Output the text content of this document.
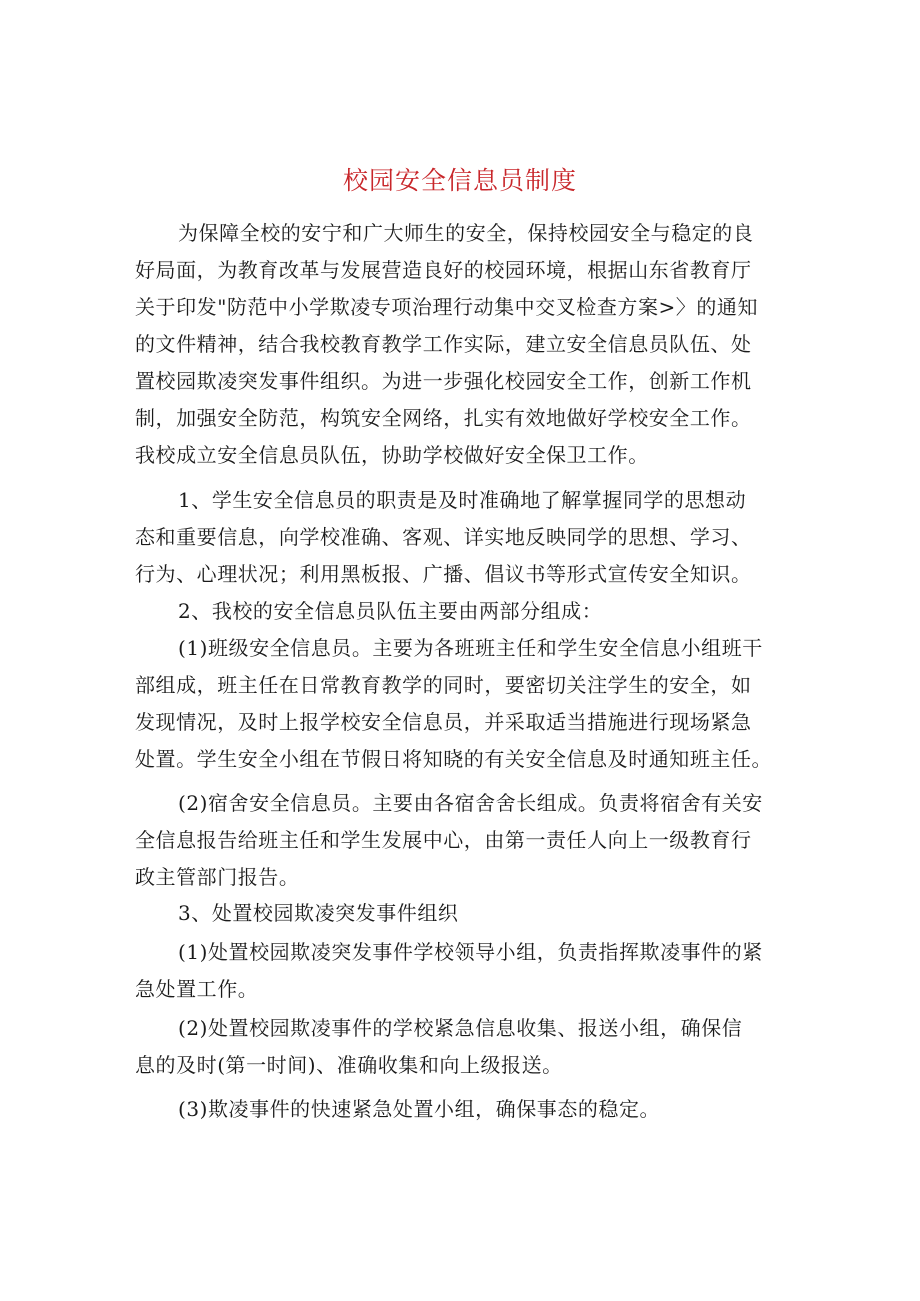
校园安全信息员制度
为保障全校的安宁和广大师生的安全，保持校园安全与稳定的良
好局面，为教育改革与发展营造良好的校园环境，根据山东省教育厅
关于印发"防范中小学欺凌专项治理行动集中交叉检查方案>〉的通知
的文件精神，结合我校教育教学工作实际，建立安全信息员队伍、处
置校园欺凌突发事件组织。为进一步强化校园安全工作，创新工作机
制，加强安全防范，构筑安全网络，扎实有效地做好学校安全工作。
我校成立安全信息员队伍，协助学校做好安全保卫工作。
1、学生安全信息员的职责是及时准确地了解掌握同学的思想动
态和重要信息，向学校准确、客观、详实地反映同学的思想、学习、
行为、心理状况；利用黑板报、广播、倡议书等形式宣传安全知识。
2、我校的安全信息员队伍主要由两部分组成：
(1)班级安全信息员。主要为各班班主任和学生安全信息小组班干
部组成，班主任在日常教育教学的同时，要密切关注学生的安全，如
发现情况，及时上报学校安全信息员，并采取适当措施进行现场紧急
处置。学生安全小组在节假日将知晓的有关安全信息及时通知班主任。
(2)宿舍安全信息员。主要由各宿舍舍长组成。负责将宿舍有关安
全信息报告给班主任和学生发展中心，由第一责任人向上一级教育行
政主管部门报告。
3、处置校园欺凌突发事件组织
(1)处置校园欺凌突发事件学校领导小组，负责指挥欺凌事件的紧
急处置工作。
(2)处置校园欺凌事件的学校紧急信息收集、报送小组，确保信
息的及时(第一时间)、准确收集和向上级报送。
(3)欺凌事件的快速紧急处置小组，确保事态的稳定。
